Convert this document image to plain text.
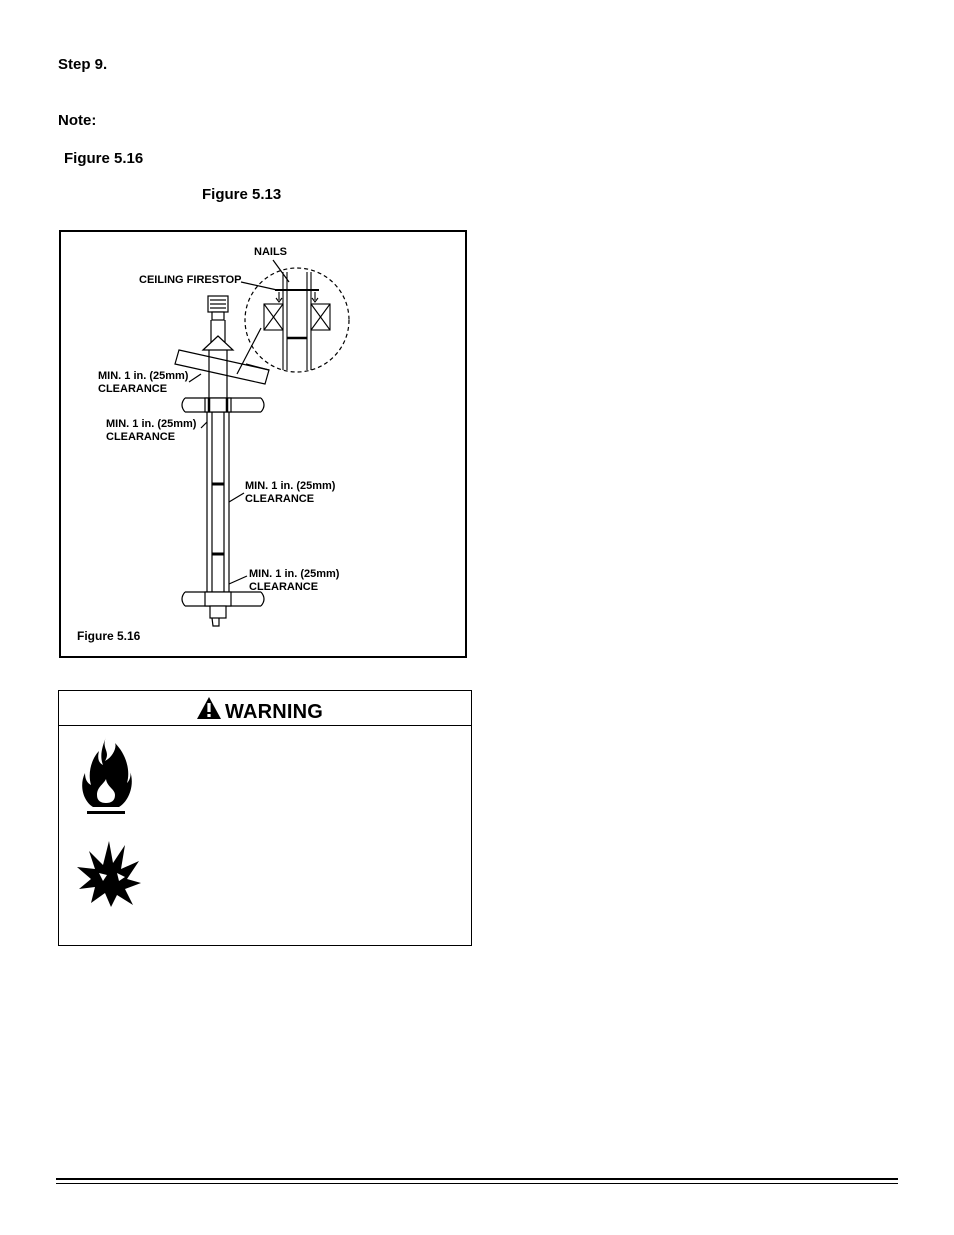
Step 9.
Note:
Figure 5.16
Figure 5.13
NAILS
CEILING FIRESTOP
MIN. 1 in. (25mm)
CLEARANCE
MIN. 1 in. (25mm)
CLEARANCE
MIN. 1 in. (25mm)
CLEARANCE
MIN. 1 in. (25mm)
CLEARANCE
Figure 5.16
WARNING
